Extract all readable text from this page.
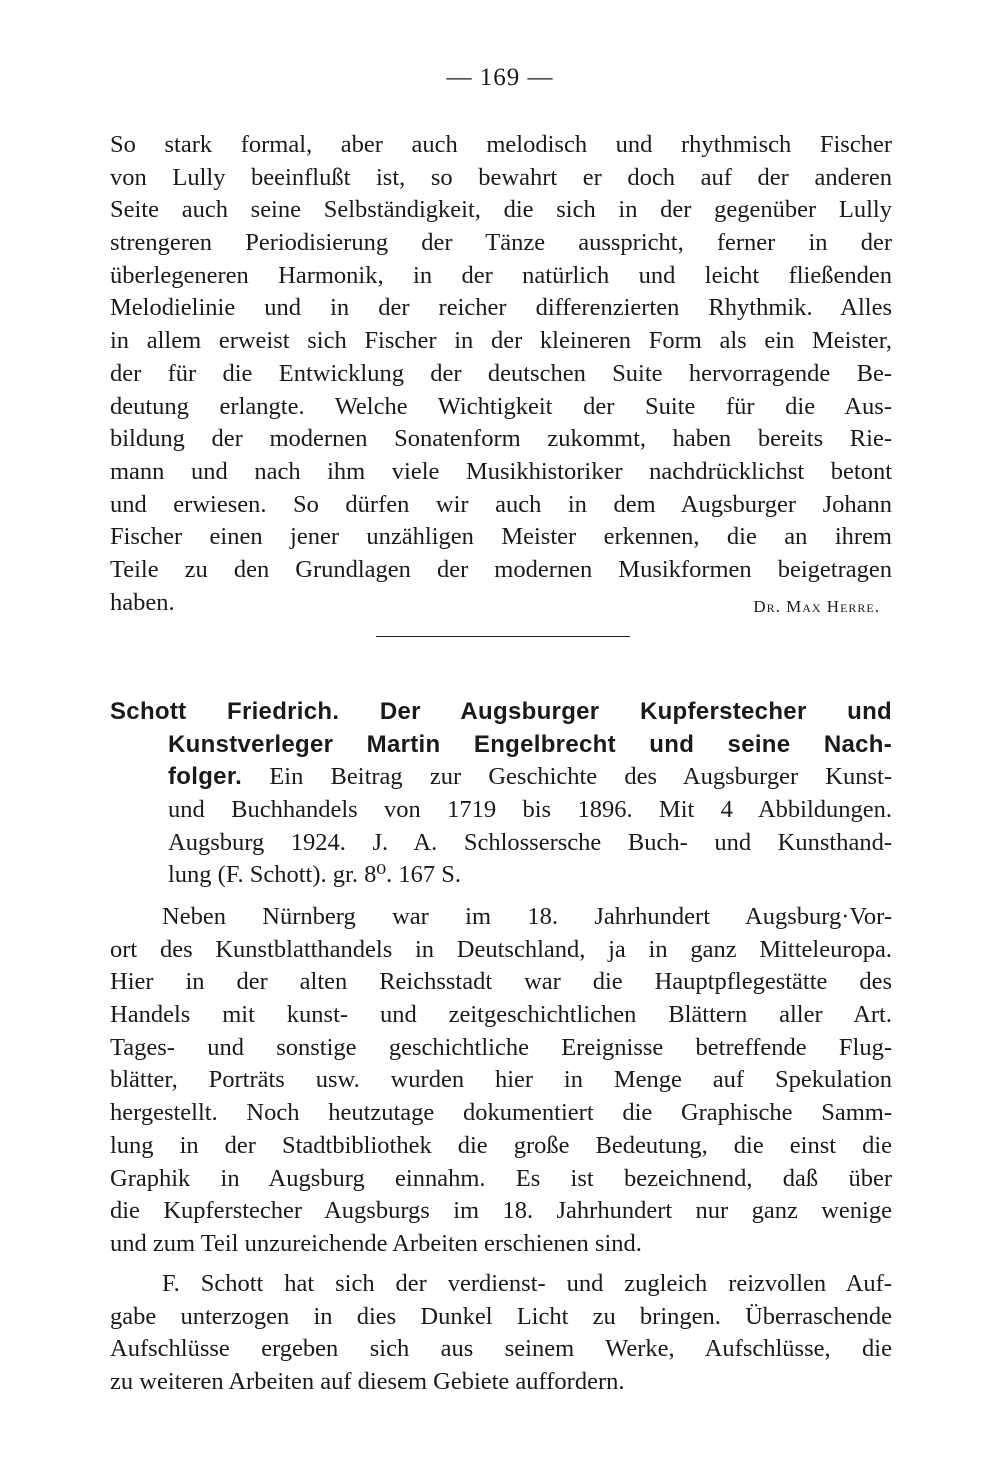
— 169 —
So stark formal, aber auch melodisch und rhythmisch Fischer
von Lully beeinflußt ist, so bewahrt er doch auf der anderen
Seite auch seine Selbständigkeit, die sich in der gegenüber Lully
strengeren Periodisierung der Tänze ausspricht, ferner in der
überlegeneren Harmonik, in der natürlich und leicht fließenden
Melodielinie und in der reicher differenzierten Rhythmik. Alles
in allem erweist sich Fischer in der kleineren Form als ein Meister,
der für die Entwicklung der deutschen Suite hervorragende Be-
deutung erlangte. Welche Wichtigkeit der Suite für die Aus-
bildung der modernen Sonatenform zukommt, haben bereits Rie-
mann und nach ihm viele Musikhistoriker nachdrücklichst betont
und erwiesen. So dürfen wir auch in dem Augsburger Johann
Fischer einen jener unzähligen Meister erkennen, die an ihrem
Teile zu den Grundlagen der modernen Musikformen beigetragen
haben.	Dr. Max Herre.
Schott Friedrich. Der Augsburger Kupferstecher und
Kunstverleger Martin Engelbrecht und seine Nach-
folger. Ein Beitrag zur Geschichte des Augsburger Kunst-
und Buchhandels von 1719 bis 1896. Mit 4 Abbildungen.
Augsburg 1924. J. A. Schlossersche Buch- und Kunsthand-
lung (F. Schott). gr. 8⁰. 167 S.
Neben Nürnberg war im 18. Jahrhundert Augsburg·Vor-
ort des Kunstblatthandels in Deutschland, ja in ganz Mitteleuropa.
Hier in der alten Reichsstadt war die Hauptpflegestätte des
Handels mit kunst- und zeitgeschichtlichen Blättern aller Art.
Tages- und sonstige geschichtliche Ereignisse betreffende Flug-
blätter, Porträts usw. wurden hier in Menge auf Spekulation
hergestellt. Noch heutzutage dokumentiert die Graphische Samm-
lung in der Stadtbibliothek die große Bedeutung, die einst die
Graphik in Augsburg einnahm. Es ist bezeichnend, daß über
die Kupferstecher Augsburgs im 18. Jahrhundert nur ganz wenige
und zum Teil unzureichende Arbeiten erschienen sind.
F. Schott hat sich der verdienst- und zugleich reizvollen Auf-
gabe unterzogen in dies Dunkel Licht zu bringen. Überraschende
Aufschlüsse ergeben sich aus seinem Werke, Aufschlüsse, die
zu weiteren Arbeiten auf diesem Gebiete auffordern.
